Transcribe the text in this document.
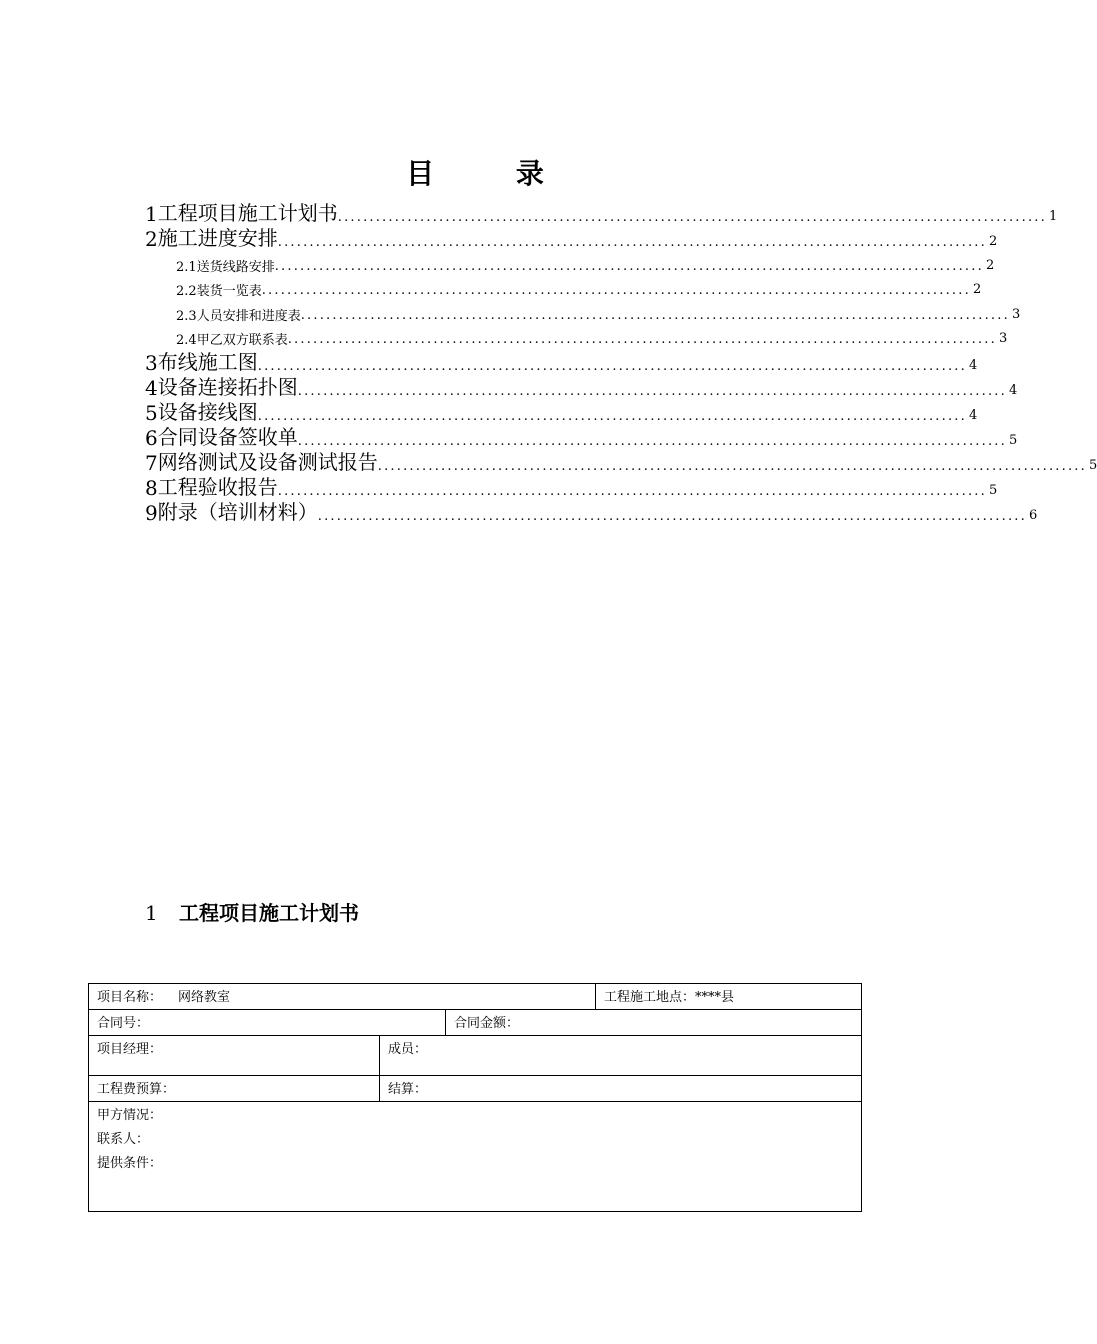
目 录
1 工程项目施工计划书 ................................................................................................................ 1
2 施工进度安排 ................................................................................................................ 2
2.1 送货线路安排 ................................................................................................................ 2
2.2 装货一览表 ................................................................................................................ 2
2.3 人员安排和进度表 ................................................................................................................ 3
2.4 甲乙双方联系表 ................................................................................................................ 3
3 布线施工图 ................................................................................................................ 4
4 设备连接拓扑图 ................................................................................................................ 4
5 设备接线图 ................................................................................................................ 4
6 合同设备签收单 ................................................................................................................ 5
7 网络测试及设备测试报告 ................................................................................................................ 5
8 工程验收报告 ................................................................................................................ 5
9 附录（培训材料） ................................................................................................................ 6
1 工程项目施工计划书
项目名称： 网络教室	工程施工地点：****县
合同号：	合同金额：
项目经理：	成员：
工程费预算：	结算：
甲方情况：
联系人：
提供条件：
